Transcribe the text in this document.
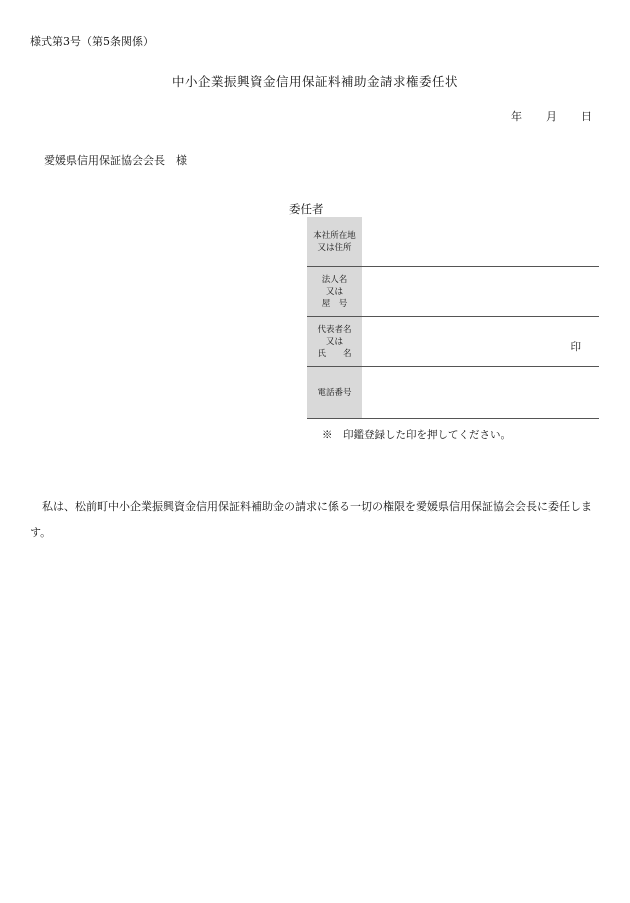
様式第3号（第5条関係）
中小企業振興資金信用保証料補助金請求権委任状
年 月 日
愛媛県信用保証協会会長　様
委任者
本社所在地
又は住所
法人名
又は
屋　号
代表者名
又は
氏　　名
印
電話番号
※　印鑑登録した印を押してください。
私は、松前町中小企業振興資金信用保証料補助金の請求に係る一切の権限を愛媛県信用保証協会会長に委任します。
